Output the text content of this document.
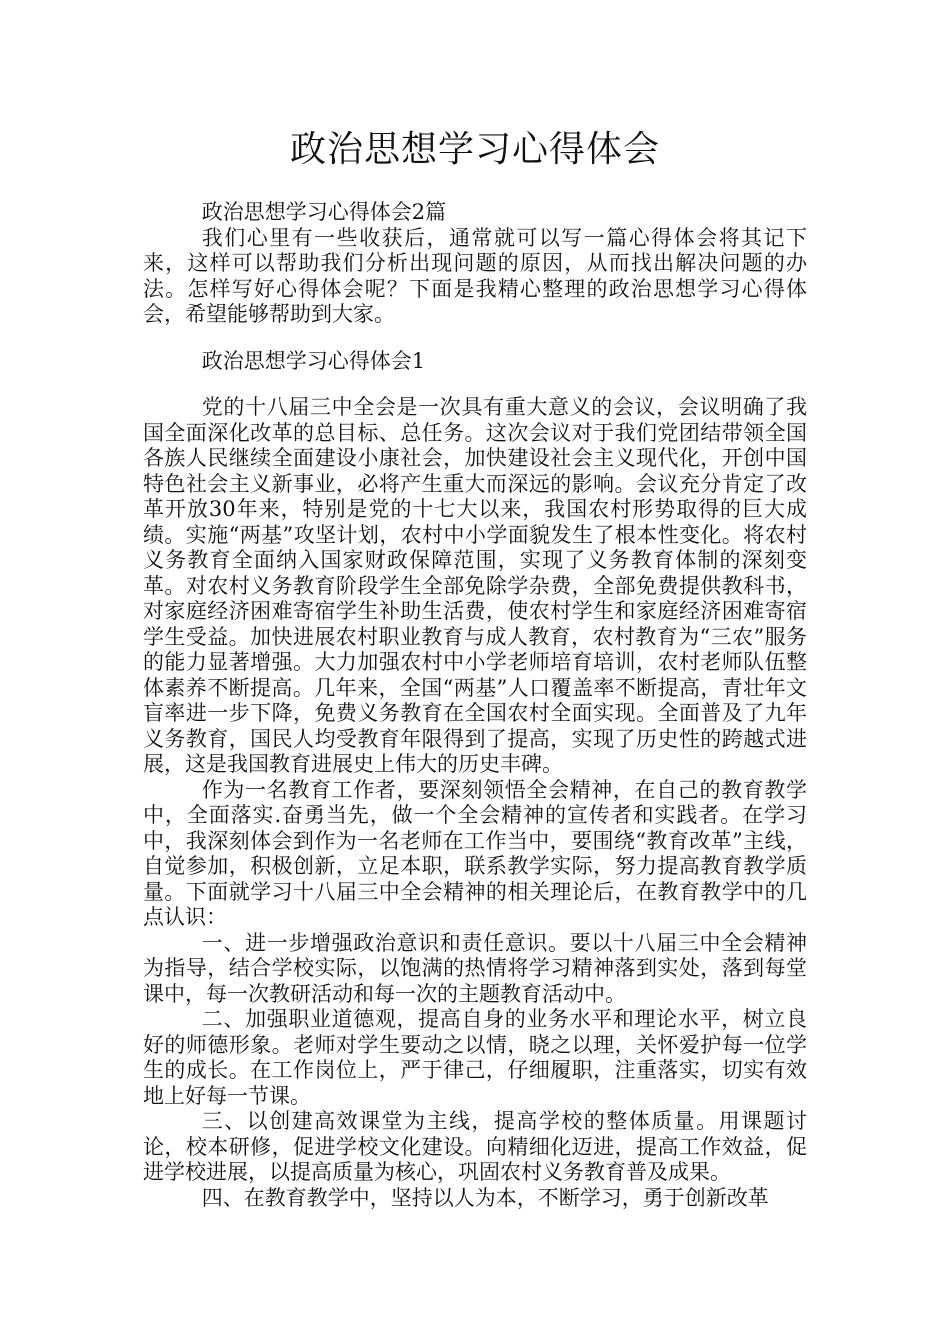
政治思想学习心得体会

政治思想学习心得体会2篇

我们心里有一些收获后，通常就可以写一篇心得体会将其记下来，这样可以帮助我们分析出现问题的原因，从而找出解决问题的办法。怎样写好心得体会呢？下面是我精心整理的政治思想学习心得体会，希望能够帮助到大家。

政治思想学习心得体会1

党的十八届三中全会是一次具有重大意义的会议，会议明确了我国全面深化改革的总目标、总任务。这次会议对于我们党团结带领全国各族人民继续全面建设小康社会，加快建设社会主义现代化，开创中国特色社会主义新事业，必将产生重大而深远的影响。会议充分肯定了改革开放30年来，特别是党的十七大以来，我国农村形势取得的巨大成绩。实施“两基”攻坚计划，农村中小学面貌发生了根本性变化。将农村义务教育全面纳入国家财政保障范围，实现了义务教育体制的深刻变革。对农村义务教育阶段学生全部免除学杂费，全部免费提供教科书，对家庭经济困难寄宿学生补助生活费，使农村学生和家庭经济困难寄宿学生受益。加快进展农村职业教育与成人教育，农村教育为“三农”服务的能力显著增强。大力加强农村中小学老师培育培训，农村老师队伍整体素养不断提高。几年来，全国“两基”人口覆盖率不断提高，青壮年文盲率进一步下降，免费义务教育在全国农村全面实现。全面普及了九年义务教育，国民人均受教育年限得到了提高，实现了历史性的跨越式进展，这是我国教育进展史上伟大的历史丰碑。

作为一名教育工作者，要深刻领悟全会精神，在自己的教育教学中，全面落实.奋勇当先，做一个全会精神的宣传者和实践者。在学习中，我深刻体会到作为一名老师在工作当中，要围绕“教育改革”主线，自觉参加，积极创新，立足本职，联系教学实际，努力提高教育教学质量。下面就学习十八届三中全会精神的相关理论后，在教育教学中的几点认识：

一、进一步增强政治意识和责任意识。要以十八届三中全会精神为指导，结合学校实际，以饱满的热情将学习精神落到实处，落到每堂课中，每一次教研活动和每一次的主题教育活动中。

二、加强职业道德观，提高自身的业务水平和理论水平，树立良好的师德形象。老师对学生要动之以情，晓之以理，关怀爱护每一位学生的成长。在工作岗位上，严于律己，仔细履职，注重落实，切实有效地上好每一节课。

三、以创建高效课堂为主线，提高学校的整体质量。用课题讨论，校本研修，促进学校文化建设。向精细化迈进，提高工作效益，促进学校进展，以提高质量为核心，巩固农村义务教育普及成果。

四、在教育教学中，坚持以人为本，不断学习，勇于创新改革
